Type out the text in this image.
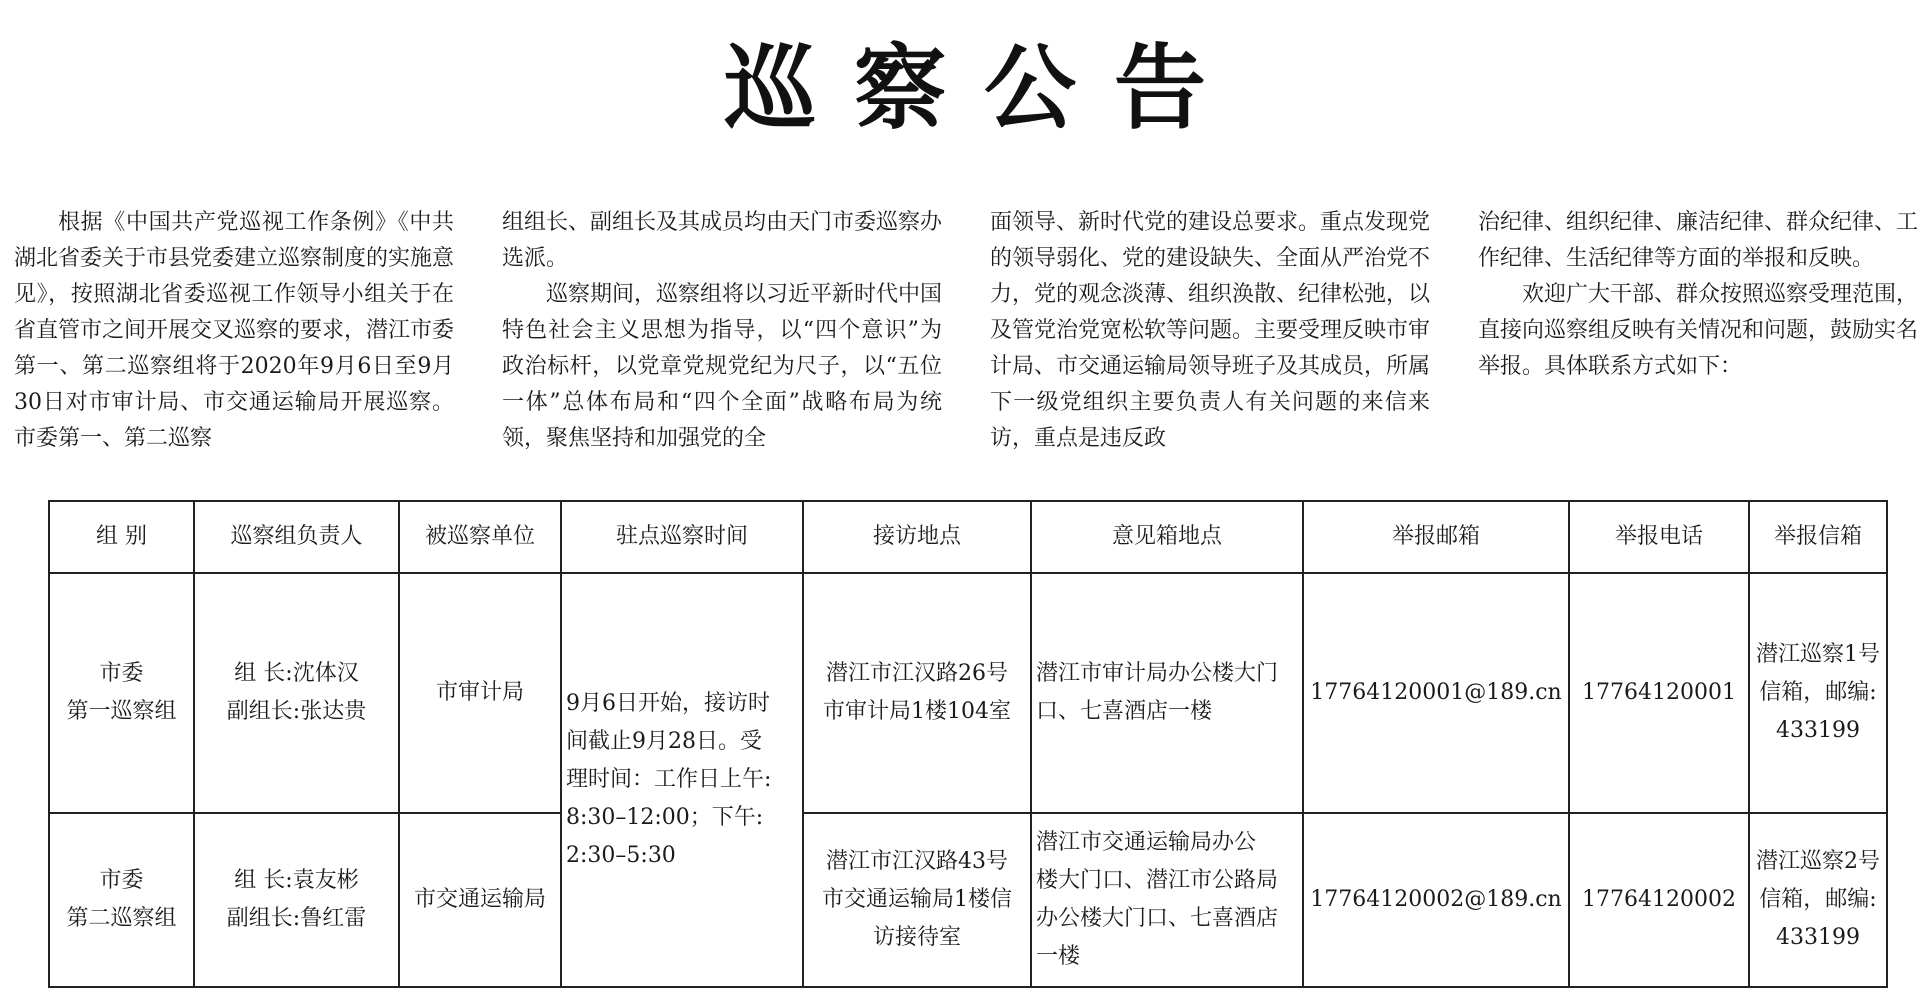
巡察公告

根据《中国共产党巡视工作条例》《中共湖北省委关于市县党委建立巡察制度的实施意见》，按照湖北省委巡视工作领导小组关于在省直管市之间开展交叉巡察的要求，潜江市委第一、第二巡察组将于2020年9月6日至9月30日对市审计局、市交通运输局开展巡察。市委第一、第二巡察

组组长、副组长及其成员均由天门市委巡察办选派。

巡察期间，巡察组将以习近平新时代中国特色社会主义思想为指导，以“四个意识”为政治标杆，以党章党规党纪为尺子，以“五位一体”总体布局和“四个全面”战略布局为统领，聚焦坚持和加强党的全

面领导、新时代党的建设总要求。重点发现党的领导弱化、党的建设缺失、全面从严治党不力，党的观念淡薄、组织涣散、纪律松弛，以及管党治党宽松软等问题。主要受理反映市审计局、市交通运输局领导班子及其成员，所属下一级党组织主要负责人有关问题的来信来访，重点是违反政

治纪律、组织纪律、廉洁纪律、群众纪律、工作纪律、生活纪律等方面的举报和反映。

欢迎广大干部、群众按照巡察受理范围，直接向巡察组反映有关情况和问题，鼓励实名举报。具体联系方式如下：

组 别	巡察组负责人	被巡察单位	驻点巡察时间	接访地点	意见箱地点	举报邮箱	举报电话	举报信箱

市委
第一巡察组	组 长:沈体汉
副组长:张达贵	市审计局	9月6日开始，接访时
间截止9月28日。受
理时间：工作日上午:
8:30–12:00；下午:
2:30–5:30	潜江市江汉路26号
市审计局1楼104室	潜江市审计局办公楼大门
口、七喜酒店一楼	17764120001@189.cn	17764120001	潜江巡察1号
信箱，邮编:
433199

市委
第二巡察组	组 长:袁友彬
副组长:鲁红雷	市交通运输局		潜江市江汉路43号
市交通运输局1楼信
访接待室	潜江市交通运输局办公
楼大门口、潜江市公路局
办公楼大门口、七喜酒店
一楼	17764120002@189.cn	17764120002	潜江巡察2号
信箱，邮编:
433199
